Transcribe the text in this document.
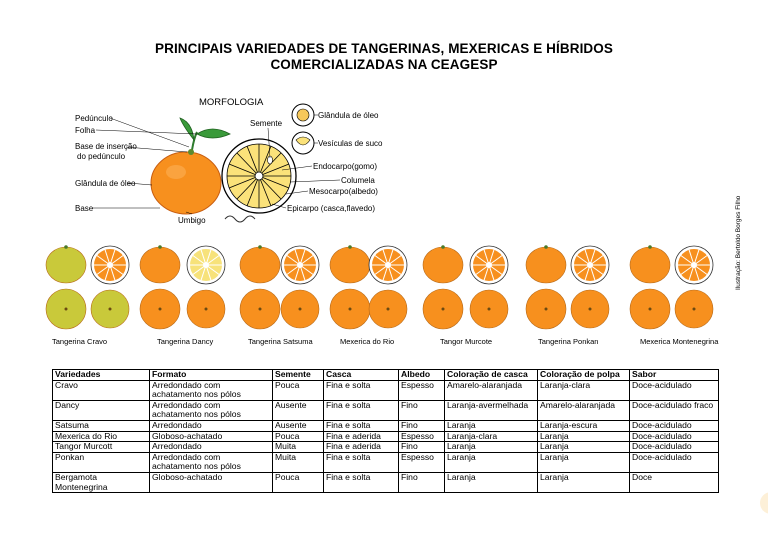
PRINCIPAIS VARIEDADES DE TANGERINAS, MEXERICAS E HÍBRIDOS
COMERCIALIZADAS NA CEAGESP
MORFOLOGIA
Pedúnculo
Folha
Base de inserção
do pedúnculo
Glândula de óleo
Base
Umbigo
Semente
Glândula de óleo
Vesículas de suco
Endocarpo(gomo)
Columela
Mesocarpo(albedo)
Epicarpo (casca,flavedo)
Tangerina Cravo	Tangerina Dancy	Tangerina Satsuma	Mexerica do Rio	Tangor Murcote	Tangerina Ponkan	Mexerica Montenegrina
Ilustração: Bertoldo Borges Filho
Variedades	Formato	Semente	Casca	Albedo	Coloração de casca	Coloração de polpa	Sabor
Cravo	Arredondado com achatamento nos pólos	Pouca	Fina e solta	Espesso	Amarelo-alaranjada	Laranja-clara	Doce-acidulado
Dancy	Arredondado com achatamento nos pólos	Ausente	Fina e solta	Fino	Laranja-avermelhada	Amarelo-alaranjada	Doce-acidulado fraco
Satsuma	Arredondado	Ausente	Fina e solta	Fino	Laranja	Laranja-escura	Doce-acidulado
Mexerica do Rio	Globoso-achatado	Pouca	Fina e aderida	Espesso	Laranja-clara	Laranja	Doce-acidulado
Tangor Murcott	Arredondado	Muita	Fina e aderida	Fino	Laranja	Laranja	Doce-acidulado
Ponkan	Arredondado com achatamento nos pólos	Muita	Fina e solta	Espesso	Laranja	Laranja	Doce-acidulado
Bergamota Montenegrina	Globoso-achatado	Pouca	Fina e solta	Fino	Laranja	Laranja	Doce
